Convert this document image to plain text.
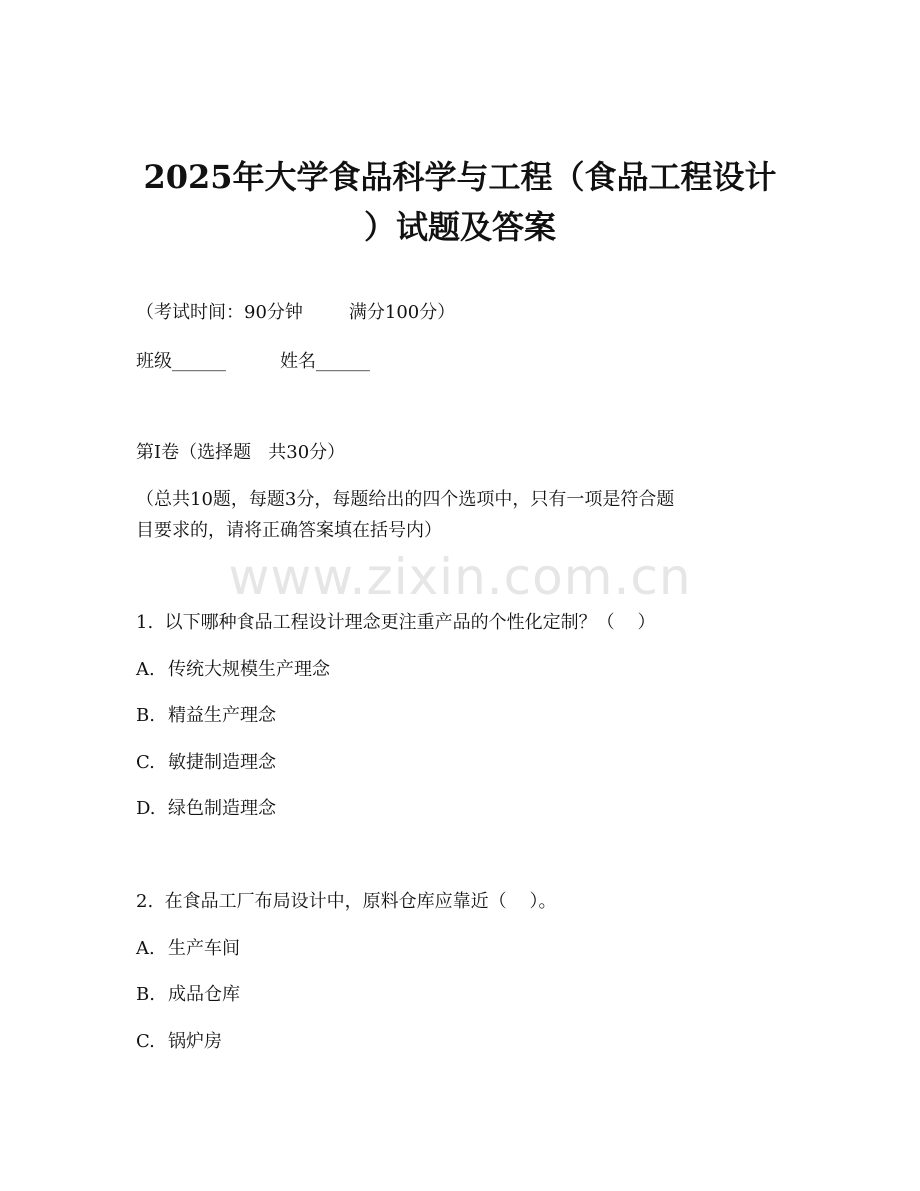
www.zixin.com.cn
2025年大学食品科学与工程（食品工程设计
）试题及答案
（考试时间：90分钟	满分100分）
班级______	姓名______
第I卷（选择题   共30分）
（总共10题，每题3分，每题给出的四个选项中，只有一项是符合题
目要求的，请将正确答案填在括号内）
1.  以下哪种食品工程设计理念更注重产品的个性化定制？（    ）
A. 传统大规模生产理念
B. 精益生产理念
C. 敏捷制造理念
D. 绿色制造理念
2.  在食品工厂布局设计中，原料仓库应靠近（    ）。
A. 生产车间
B. 成品仓库
C. 锅炉房
